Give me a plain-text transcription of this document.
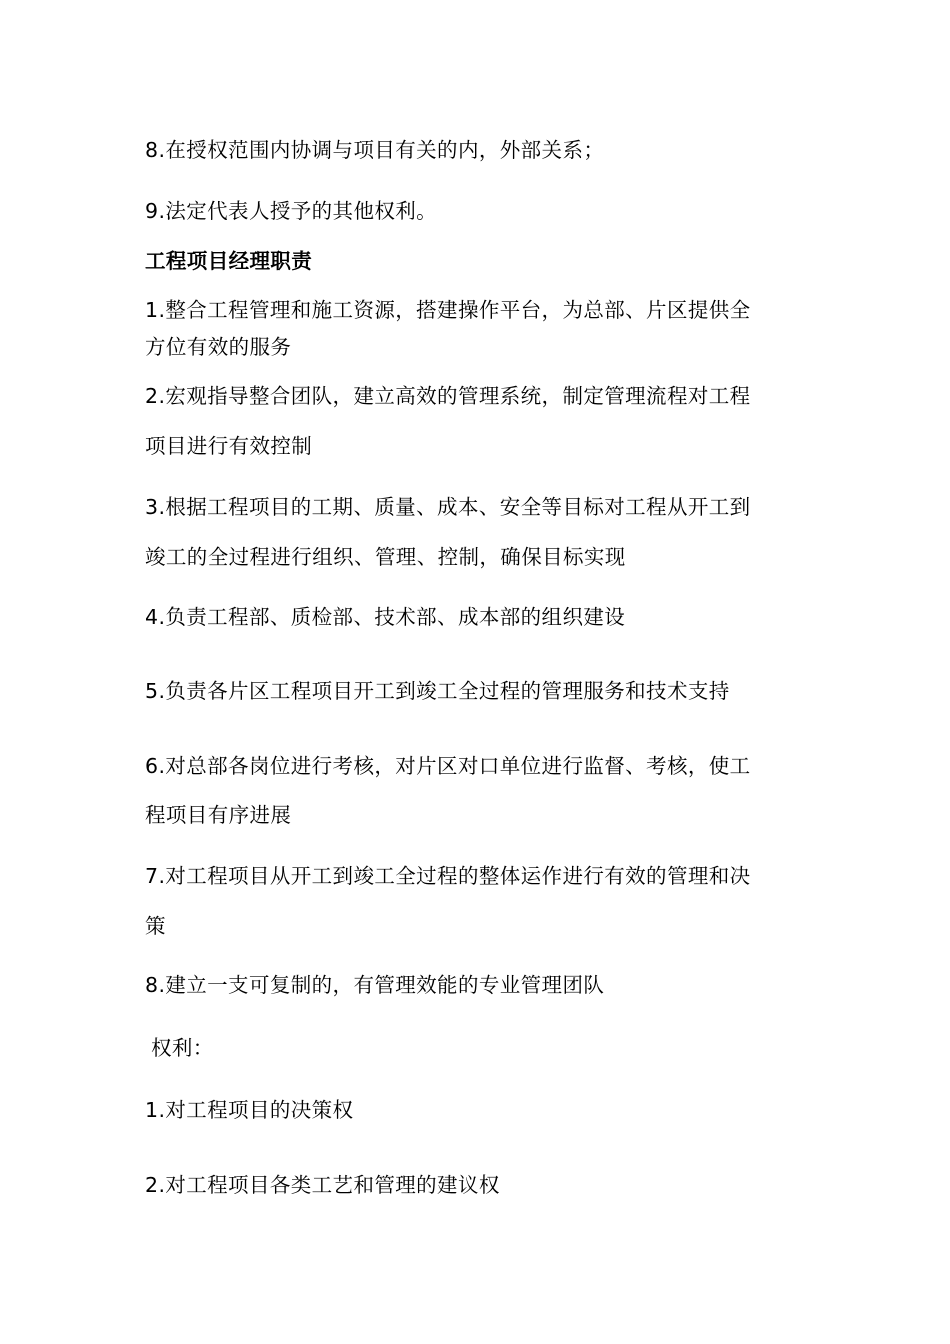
8.在授权范围内协调与项目有关的内，外部关系；
9.法定代表人授予的其他权利。
工程项目经理职责
1.整合工程管理和施工资源，搭建操作平台，为总部、片区提供全
方位有效的服务
2.宏观指导整合团队，建立高效的管理系统，制定管理流程对工程
项目进行有效控制
3.根据工程项目的工期、质量、成本、安全等目标对工程从开工到
竣工的全过程进行组织、管理、控制，确保目标实现
4.负责工程部、质检部、技术部、成本部的组织建设
5.负责各片区工程项目开工到竣工全过程的管理服务和技术支持
6.对总部各岗位进行考核，对片区对口单位进行监督、考核，使工
程项目有序进展
7.对工程项目从开工到竣工全过程的整体运作进行有效的管理和决
策
8.建立一支可复制的，有管理效能的专业管理团队
权利：
1.对工程项目的决策权
2.对工程项目各类工艺和管理的建议权
